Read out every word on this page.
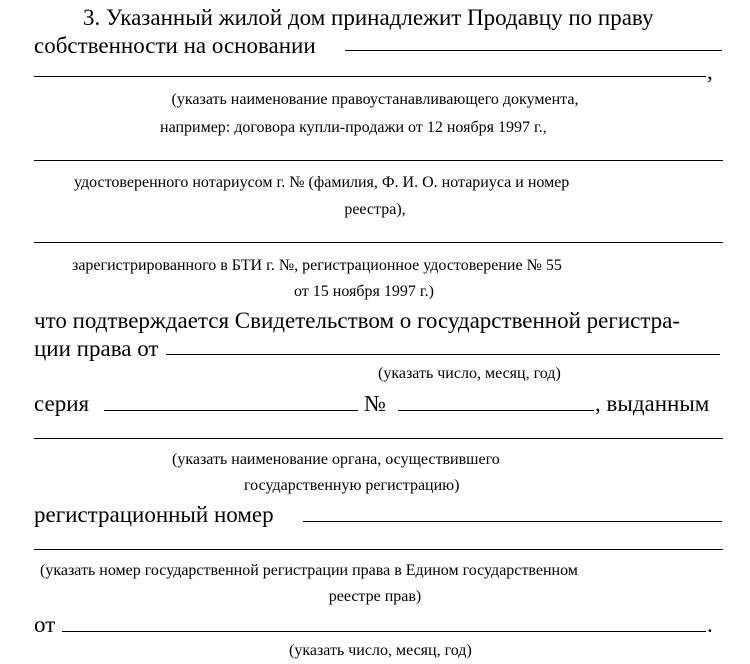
3. Указанный жилой дом принадлежит Продавцу по праву
собственности на основании
,
(указать наименование правоустанавливающего документа,
например: договора купли-продажи от 12 ноября 1997 г.,
удостоверенного нотариусом г. № (фамилия, Ф. И. О. нотариуса и номер
реестра),
зарегистрированного в БТИ г. №, регистрационное удостоверение № 55
от 15 ноября 1997 г.)
что подтверждается Свидетельством о государственной регистра-
ции права от
(указать число, месяц, год)
серия	№	, выданным
(указать наименование органа, осуществившего
государственную регистрацию)
регистрационный номер
(указать номер государственной регистрации права в Едином государственном
реестре прав)
от	.
(указать число, месяц, год)
